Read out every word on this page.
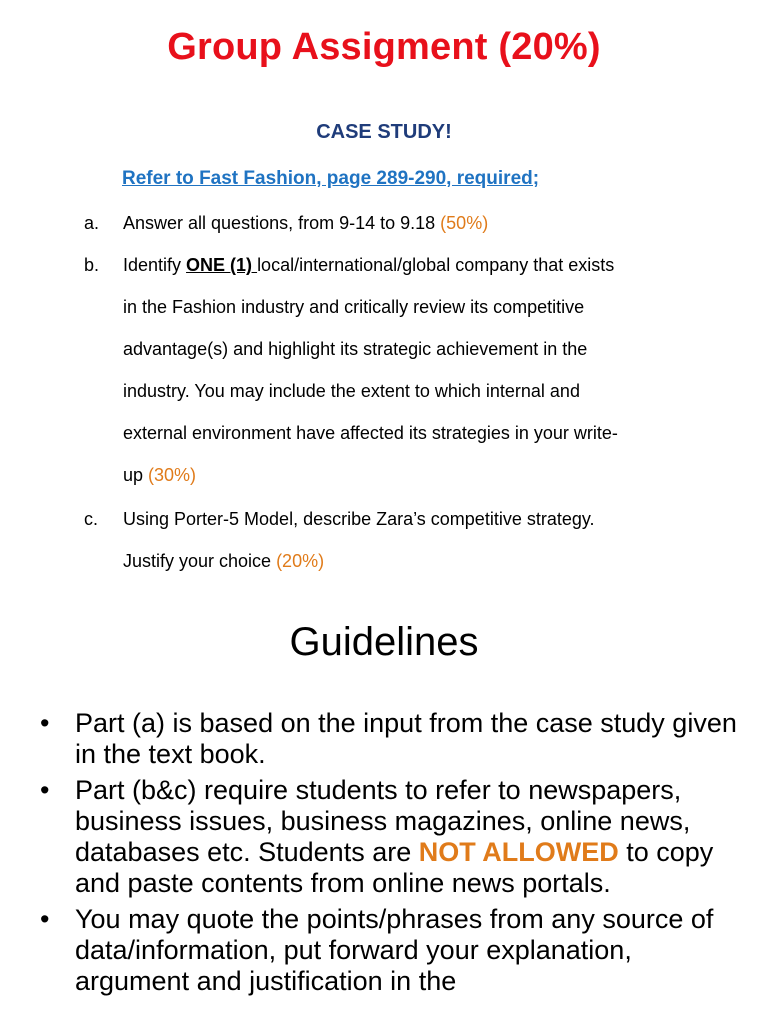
Group Assigment (20%)
CASE STUDY!
Refer to Fast Fashion, page 289-290, required;
a.	Answer all questions, from 9-14 to 9.18 (50%)
b.	Identify ONE (1) local/international/global company that exists
in the Fashion industry and critically review its competitive
advantage(s) and highlight its strategic achievement in the
industry. You may include the extent to which internal and
external environment have affected its strategies in your write-
up (30%)
c.	Using Porter-5 Model, describe Zara’s competitive strategy.
Justify your choice (20%)
Guidelines
• Part (a) is based on the input from the case study given in the text book.
• Part (b&c) require students to refer to newspapers, business issues, business magazines, online news, databases etc. Students are NOT ALLOWED to copy and paste contents from online news portals.
• You may quote the points/phrases from any source of data/information, put forward your explanation, argument and justification in the
